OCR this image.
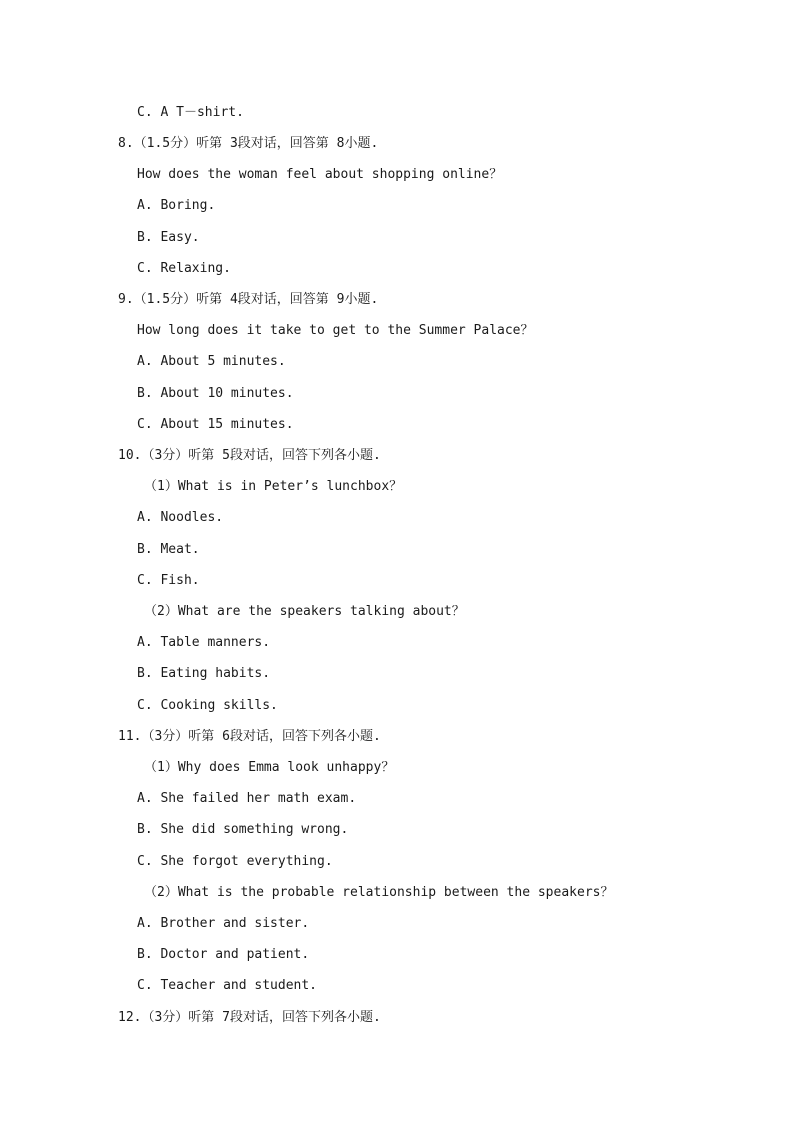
C. A T－shirt.
8.（1.5分）听第 3段对话，回答第 8小题.
How does the woman feel about shopping online？
A. Boring.
B. Easy.
C. Relaxing.
9.（1.5分）听第 4段对话，回答第 9小题.
How long does it take to get to the Summer Palace？
A. About 5 minutes.
B. About 10 minutes.
C. About 15 minutes.
10.（3分）听第 5段对话，回答下列各小题.
（1）What is in Peter’s lunchbox？
A. Noodles.
B. Meat.
C. Fish.
（2）What are the speakers talking about？
A. Table manners.
B. Eating habits.
C. Cooking skills.
11.（3分）听第 6段对话，回答下列各小题.
（1）Why does Emma look unhappy？
A. She failed her math exam.
B. She did something wrong.
C. She forgot everything.
（2）What is the probable relationship between the speakers？
A. Brother and sister.
B. Doctor and patient.
C. Teacher and student.
12.（3分）听第 7段对话，回答下列各小题.
